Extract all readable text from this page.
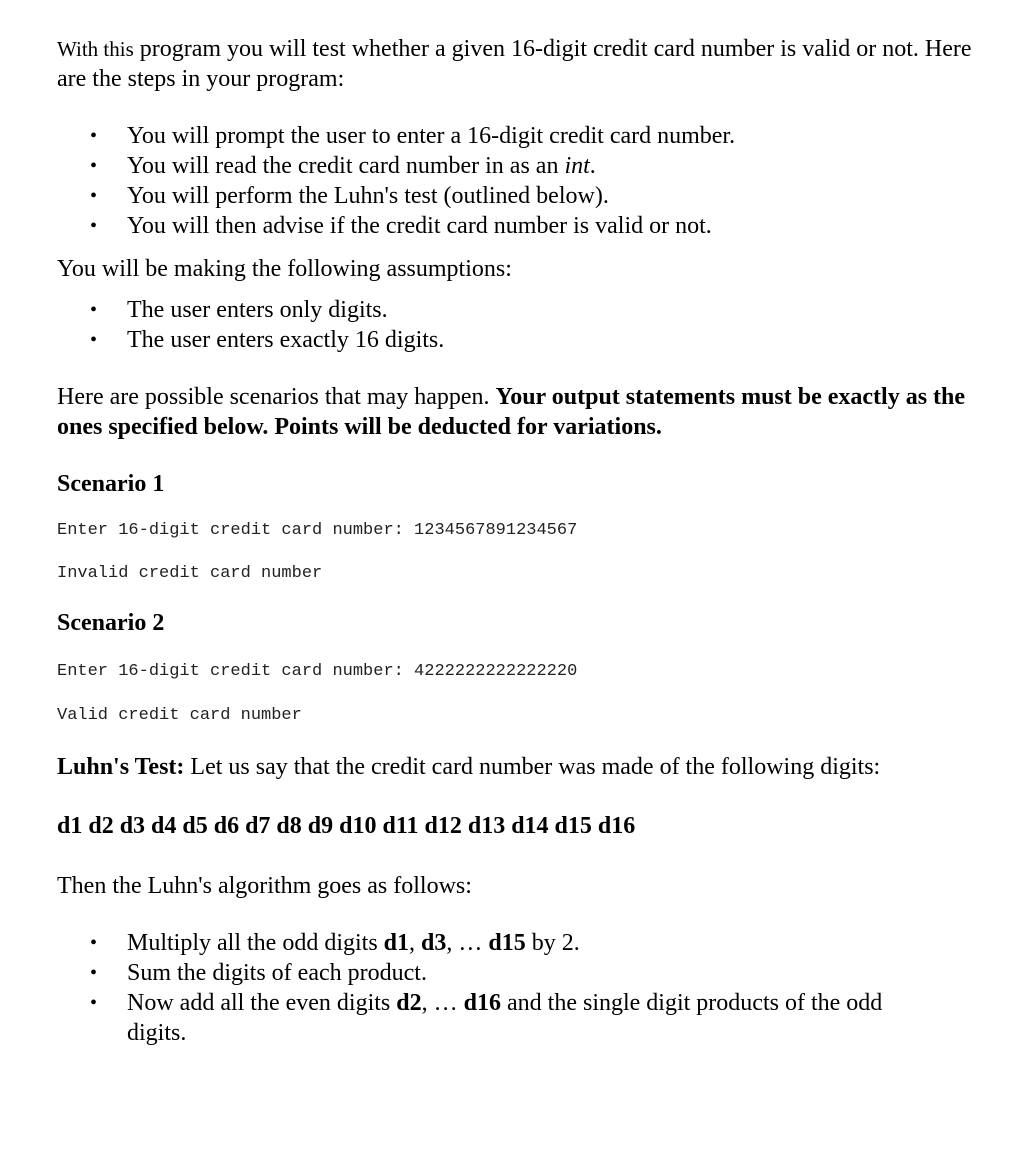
With this program you will test whether a given 16-digit credit card number is valid or not. Here are the steps in your program:

• You will prompt the user to enter a 16-digit credit card number.
• You will read the credit card number in as an int.
• You will perform the Luhn's test (outlined below).
• You will then advise if the credit card number is valid or not.

You will be making the following assumptions:

• The user enters only digits.
• The user enters exactly 16 digits.

Here are possible scenarios that may happen. Your output statements must be exactly as the ones specified below. Points will be deducted for variations.

Scenario 1

Enter 16-digit credit card number: 1234567891234567

Invalid credit card number

Scenario 2

Enter 16-digit credit card number: 4222222222222220

Valid credit card number

Luhn's Test: Let us say that the credit card number was made of the following digits:

d1 d2 d3 d4 d5 d6 d7 d8 d9 d10 d11 d12 d13 d14 d15 d16

Then the Luhn's algorithm goes as follows:

• Multiply all the odd digits d1, d3, … d15 by 2.
• Sum the digits of each product.
• Now add all the even digits d2, … d16 and the single digit products of the odd digits.
